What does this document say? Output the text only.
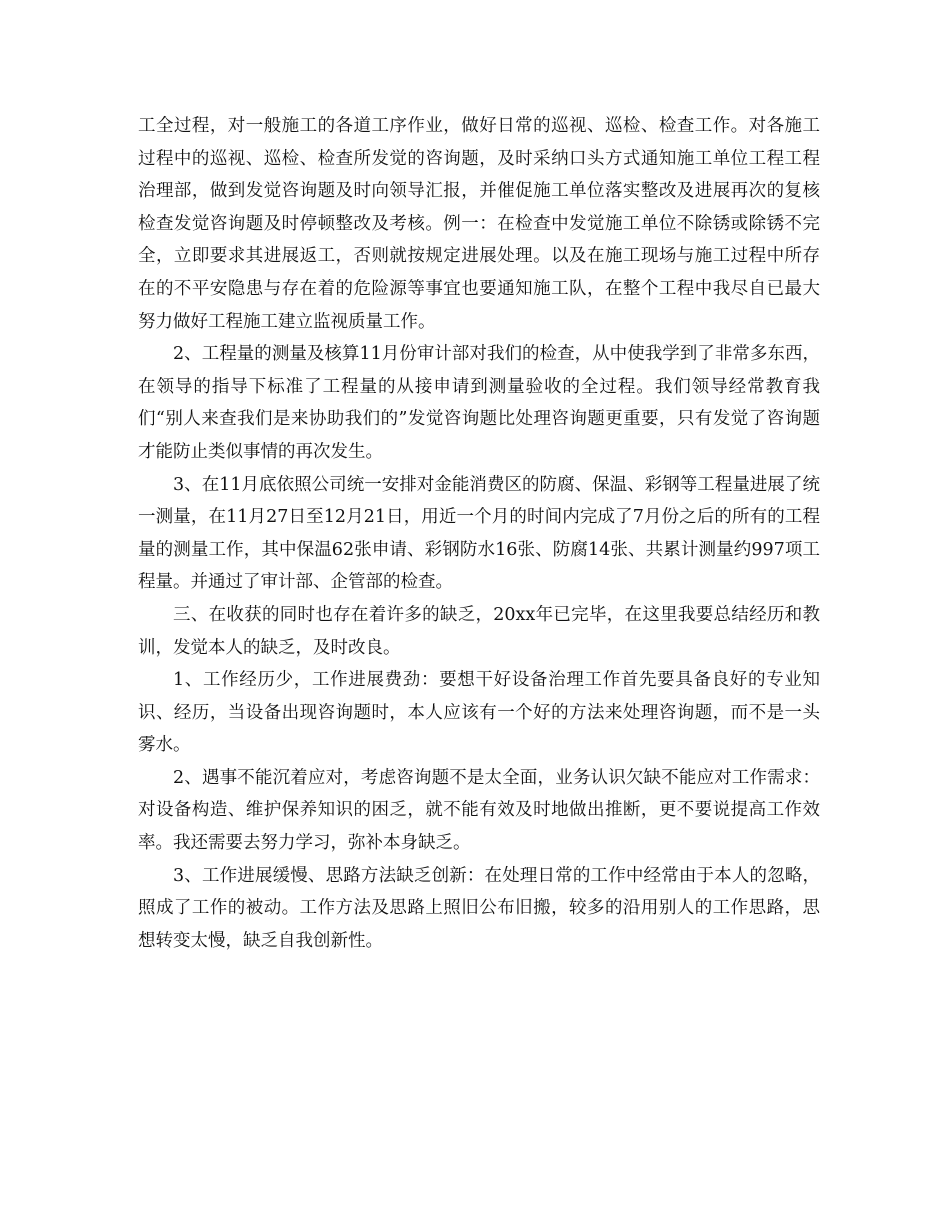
工全过程，对一般施工的各道工序作业，做好日常的巡视、巡检、检查工作。对各施工过程中的巡视、巡检、检查所发觉的咨询题，及时采纳口头方式通知施工单位工程工程治理部，做到发觉咨询题及时向领导汇报，并催促施工单位落实整改及进展再次的复核检查发觉咨询题及时停顿整改及考核。例一：在检查中发觉施工单位不除锈或除锈不完全，立即要求其进展返工，否则就按规定进展处理。以及在施工现场与施工过程中所存在的不平安隐患与存在着的危险源等事宜也要通知施工队，在整个工程中我尽自已最大努力做好工程施工建立监视质量工作。

2、工程量的测量及核算11月份审计部对我们的检查，从中使我学到了非常多东西，在领导的指导下标准了工程量的从接申请到测量验收的全过程。我们领导经常教育我们“别人来查我们是来协助我们的”发觉咨询题比处理咨询题更重要，只有发觉了咨询题才能防止类似事情的再次发生。

3、在11月底依照公司统一安排对金能消费区的防腐、保温、彩钢等工程量进展了统一测量，在11月27日至12月21日，用近一个月的时间内完成了7月份之后的所有的工程量的测量工作，其中保温62张申请、彩钢防水16张、防腐14张、共累计测量约997项工程量。并通过了审计部、企管部的检查。

三、在收获的同时也存在着许多的缺乏，20xx年已完毕，在这里我要总结经历和教训，发觉本人的缺乏，及时改良。

1、工作经历少，工作进展费劲：要想干好设备治理工作首先要具备良好的专业知识、经历，当设备出现咨询题时，本人应该有一个好的方法来处理咨询题，而不是一头雾水。

2、遇事不能沉着应对，考虑咨询题不是太全面，业务认识欠缺不能应对工作需求：对设备构造、维护保养知识的困乏，就不能有效及时地做出推断，更不要说提高工作效率。我还需要去努力学习，弥补本身缺乏。

3、工作进展缓慢、思路方法缺乏创新：在处理日常的工作中经常由于本人的忽略，照成了工作的被动。工作方法及思路上照旧公布旧搬，较多的沿用别人的工作思路，思想转变太慢，缺乏自我创新性。
